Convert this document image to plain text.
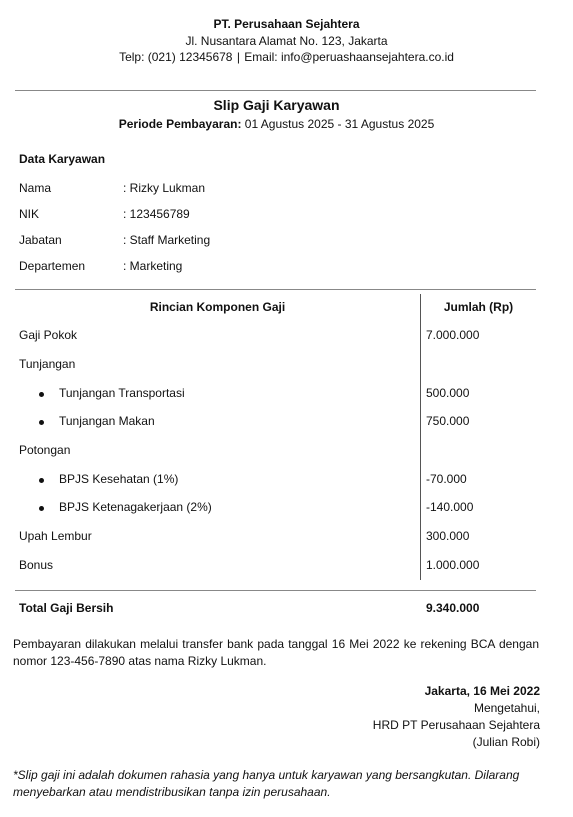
PT. Perusahaan Sejahtera
Jl. Nusantara Alamat No. 123, Jakarta
Telp: (021) 12345678 | Email: info@peruashaansejahtera.co.id
Slip Gaji Karyawan
Periode Pembayaran: 01 Agustus 2025 - 31 Agustus 2025
Data Karyawan
Nama	: Rizky Lukman
NIK	: 123456789
Jabatan	: Staff Marketing
Departemen	: Marketing
Rincian Komponen Gaji	Jumlah (Rp)
Gaji Pokok	7.000.000
Tunjangan
Tunjangan Transportasi	500.000
Tunjangan Makan	750.000
Potongan
BPJS Kesehatan (1%)	-70.000
BPJS Ketenagakerjaan (2%)	-140.000
Upah Lembur	300.000
Bonus	1.000.000
Total Gaji Bersih	9.340.000
Pembayaran dilakukan melalui transfer bank pada tanggal 16 Mei 2022 ke rekening BCA dengan nomor 123-456-7890 atas nama Rizky Lukman.
Jakarta, 16 Mei 2022
Mengetahui,
HRD PT Perusahaan Sejahtera
(Julian Robi)
*Slip gaji ini adalah dokumen rahasia yang hanya untuk karyawan yang bersangkutan. Dilarang menyebarkan atau mendistribusikan tanpa izin perusahaan.
